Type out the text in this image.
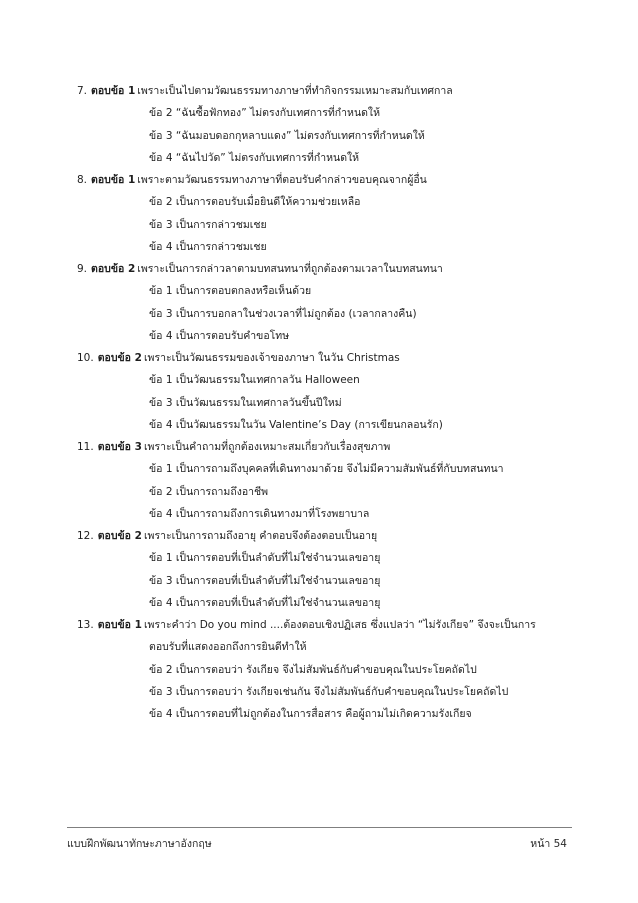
7. ตอบข้อ 1 เพราะเป็นไปตามวัฒนธรรมทางภาษาที่ทำกิจกรรมเหมาะสมกับเทศกาล
ข้อ 2 “ฉันซื้อฟักทอง” ไม่ตรงกับเทศการที่กำหนดให้
ข้อ 3 “ฉันมอบดอกกุหลาบแดง” ไม่ตรงกับเทศการที่กำหนดให้
ข้อ 4 “ฉันไปวัด” ไม่ตรงกับเทศการที่กำหนดให้
8. ตอบข้อ 1 เพราะตามวัฒนธรรมทางภาษาที่ตอบรับคำกล่าวขอบคุณจากผู้อื่น
ข้อ 2 เป็นการตอบรับเมื่อยินดีให้ความช่วยเหลือ
ข้อ 3 เป็นการกล่าวชมเชย
ข้อ 4 เป็นการกล่าวชมเชย
9. ตอบข้อ 2 เพราะเป็นการกล่าวลาตามบทสนทนาที่ถูกต้องตามเวลาในบทสนทนา
ข้อ 1 เป็นการตอบตกลงหรือเห็นด้วย
ข้อ 3 เป็นการบอกลาในช่วงเวลาที่ไม่ถูกต้อง (เวลากลางคืน)
ข้อ 4 เป็นการตอบรับคำขอโทษ
10. ตอบข้อ 2 เพราะเป็นวัฒนธรรมของเจ้าของภาษา ในวัน Christmas
ข้อ 1 เป็นวัฒนธรรมในเทศกาลวัน Halloween
ข้อ 3 เป็นวัฒนธรรมในเทศกาลวันขึ้นปีใหม่
ข้อ 4 เป็นวัฒนธรรมในวัน Valentine’s Day (การเขียนกลอนรัก)
11. ตอบข้อ 3 เพราะเป็นคำถามที่ถูกต้องเหมาะสมเกี่ยวกับเรื่องสุขภาพ
ข้อ 1 เป็นการถามถึงบุคคลที่เดินทางมาด้วย จึงไม่มีความสัมพันธ์ที่กับบทสนทนา
ข้อ 2 เป็นการถามถึงอาชีพ
ข้อ 4 เป็นการถามถึงการเดินทางมาที่โรงพยาบาล
12. ตอบข้อ 2 เพราะเป็นการถามถึงอายุ คำตอบจึงต้องตอบเป็นอายุ
ข้อ 1 เป็นการตอบที่เป็นลำดับที่ไม่ใช่จำนวนเลขอายุ
ข้อ 3 เป็นการตอบที่เป็นลำดับที่ไม่ใช่จำนวนเลขอายุ
ข้อ 4 เป็นการตอบที่เป็นลำดับที่ไม่ใช่จำนวนเลขอายุ
13. ตอบข้อ 1 เพราะคำว่า Do you mind ....ต้องตอบเชิงปฏิเสธ ซึ่งแปลว่า “ไม่รังเกียจ” จึงจะเป็นการ
ตอบรับที่แสดงออกถึงการยินดีทำให้
ข้อ 2 เป็นการตอบว่า รังเกียจ จึงไม่สัมพันธ์กับคำขอบคุณในประโยคถัดไป
ข้อ 3 เป็นการตอบว่า รังเกียจเช่นกัน จึงไม่สัมพันธ์กับคำขอบคุณในประโยคถัดไป
ข้อ 4 เป็นการตอบที่ไม่ถูกต้องในการสื่อสาร คือผู้ถามไม่เกิดความรังเกียจ
แบบฝึกพัฒนาทักษะภาษาอังกฤษ	หน้า 54
